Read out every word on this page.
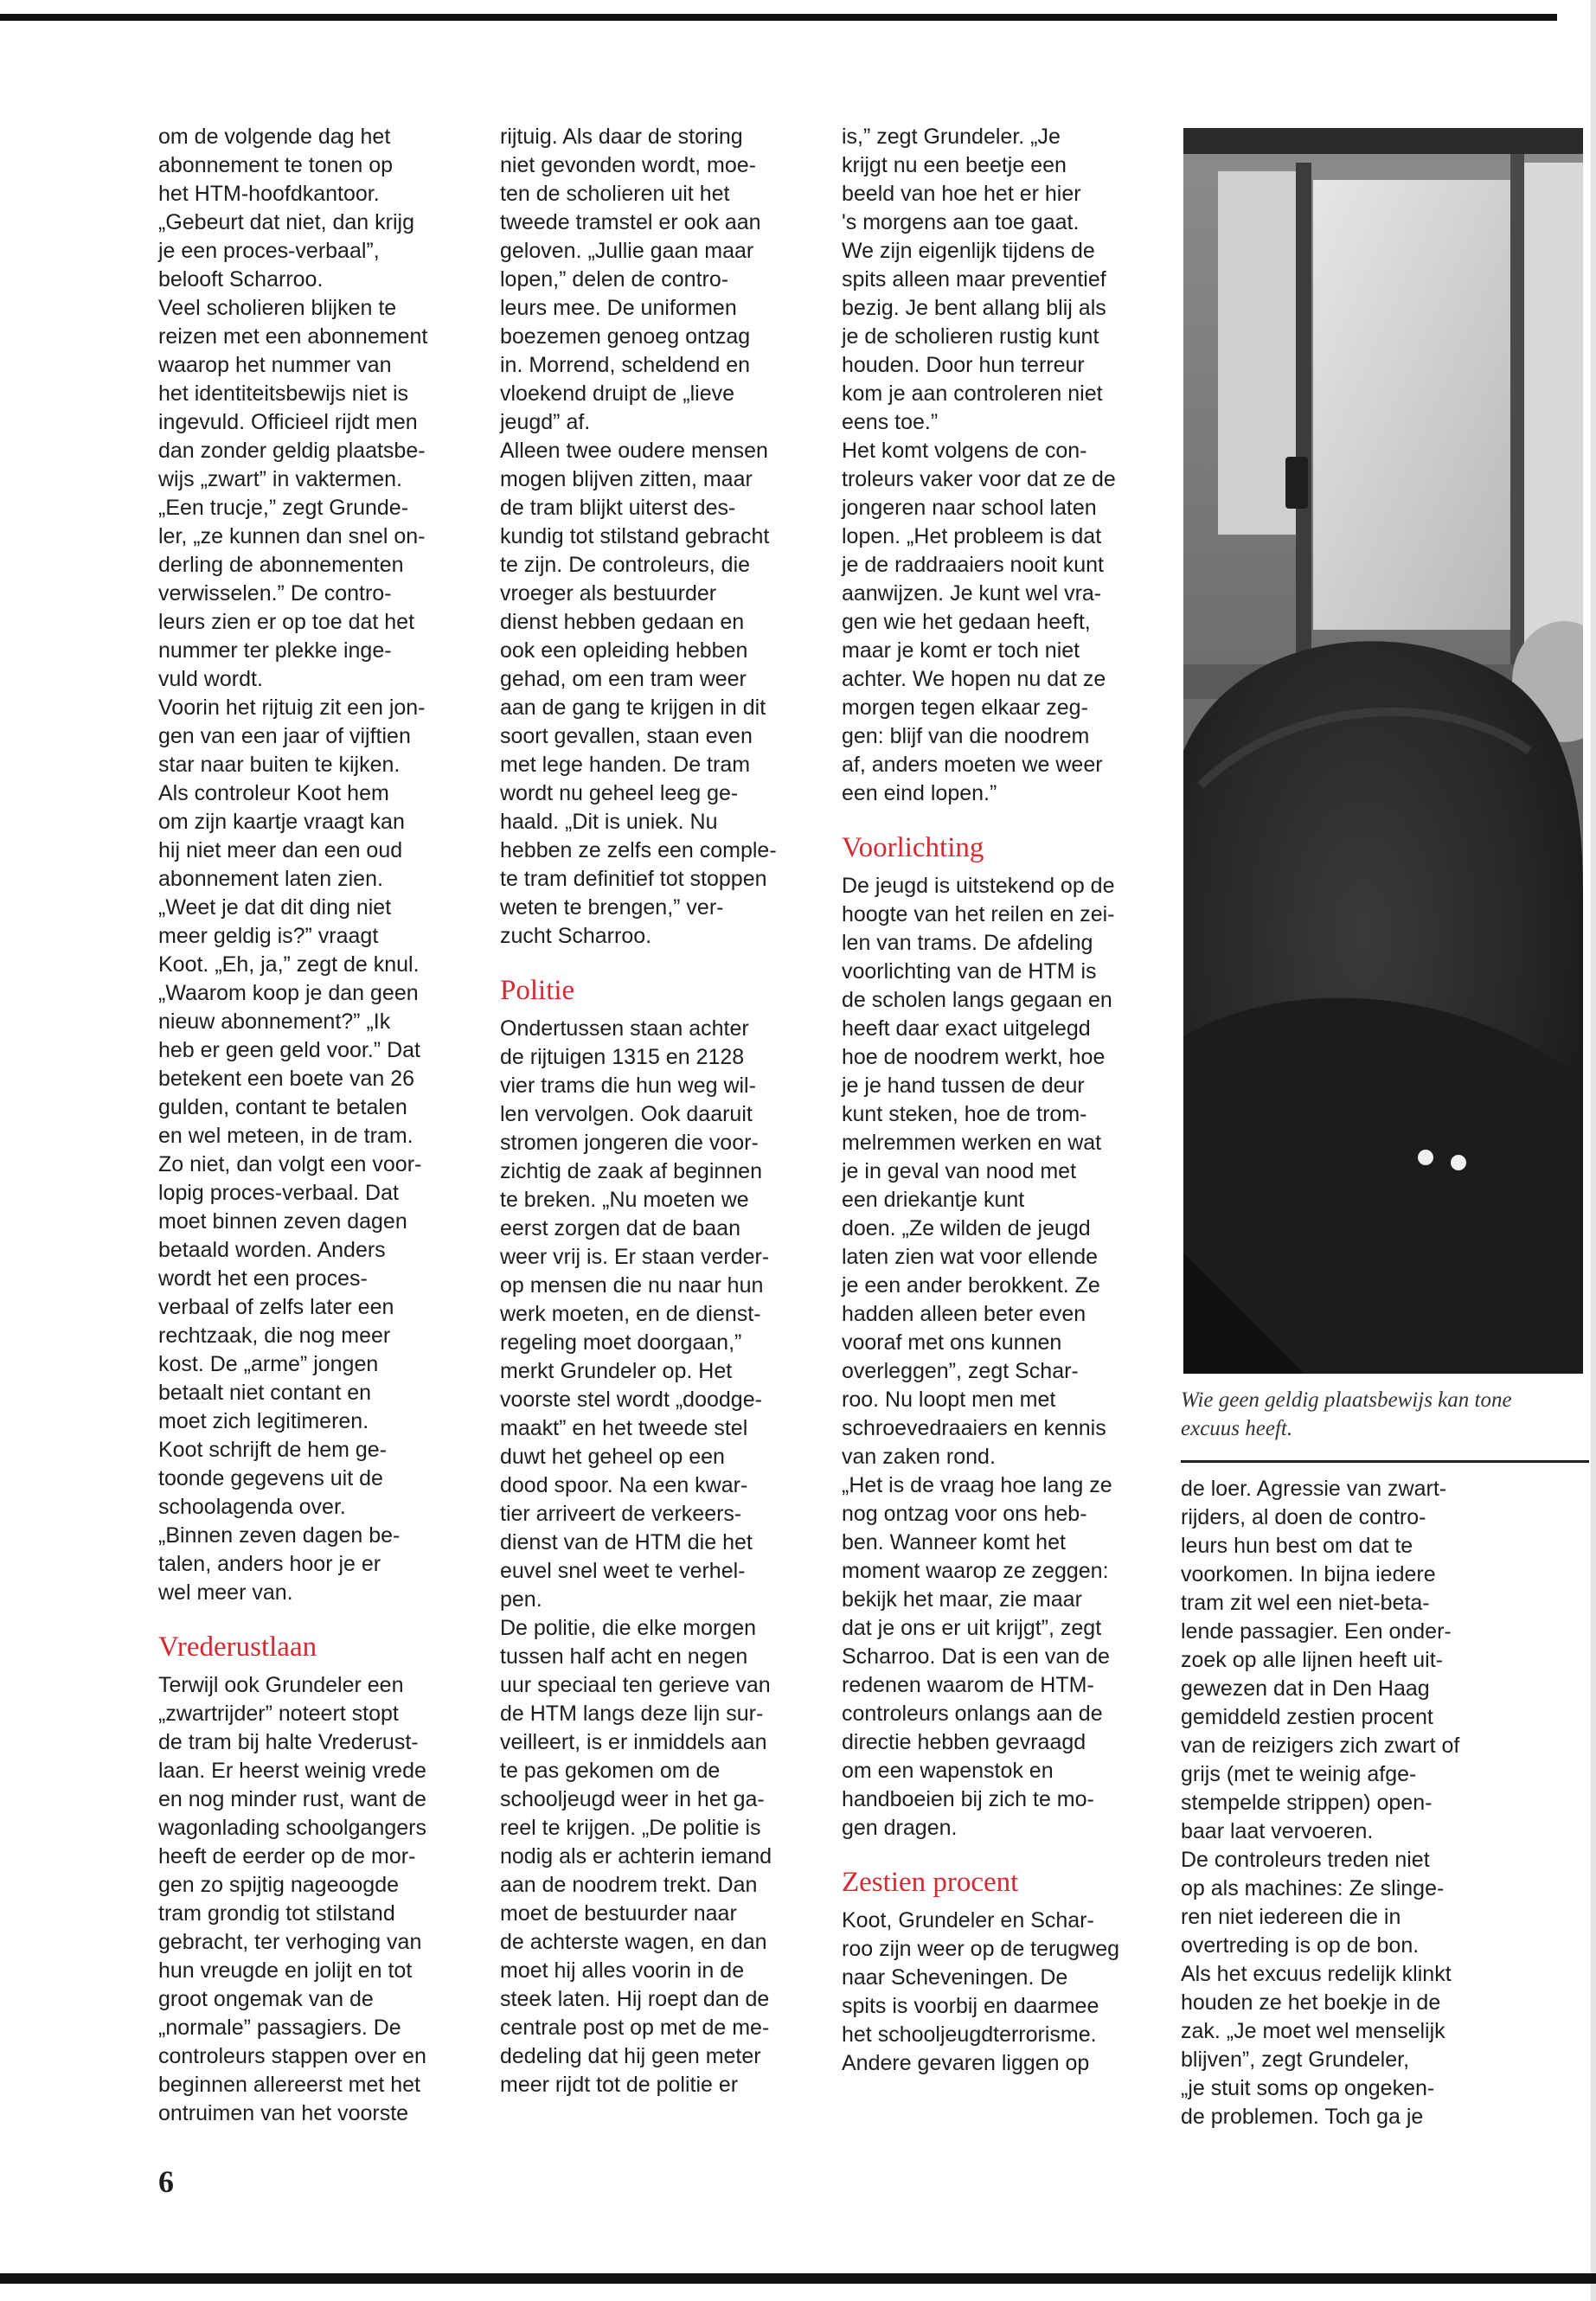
om de volgende dag het
abonnement te tonen op
het HTM-hoofdkantoor.
„Gebeurt dat niet, dan krijg
je een proces-verbaal”,
belooft Scharroo.
Veel scholieren blijken te
reizen met een abonnement
waarop het nummer van
het identiteitsbewijs niet is
ingevuld. Officieel rijdt men
dan zonder geldig plaatsbe-
wijs „zwart” in vaktermen.
„Een trucje,” zegt Grunde-
ler, „ze kunnen dan snel on-
derling de abonnementen
verwisselen.” De contro-
leurs zien er op toe dat het
nummer ter plekke inge-
vuld wordt.
Voorin het rijtuig zit een jon-
gen van een jaar of vijftien
star naar buiten te kijken.
Als controleur Koot hem
om zijn kaartje vraagt kan
hij niet meer dan een oud
abonnement laten zien.
„Weet je dat dit ding niet
meer geldig is?” vraagt
Koot. „Eh, ja,” zegt de knul.
„Waarom koop je dan geen
nieuw abonnement?” „Ik
heb er geen geld voor.” Dat
betekent een boete van 26
gulden, contant te betalen
en wel meteen, in de tram.
Zo niet, dan volgt een voor-
lopig proces-verbaal. Dat
moet binnen zeven dagen
betaald worden. Anders
wordt het een proces-
verbaal of zelfs later een
rechtzaak, die nog meer
kost. De „arme” jongen
betaalt niet contant en
moet zich legitimeren.
Koot schrijft de hem ge-
toonde gegevens uit de
schoolagenda over.
„Binnen zeven dagen be-
talen, anders hoor je er
wel meer van.

Vrederustlaan

Terwijl ook Grundeler een
„zwartrijder” noteert stopt
de tram bij halte Vrederust-
laan. Er heerst weinig vrede
en nog minder rust, want de
wagonlading schoolgangers
heeft de eerder op de mor-
gen zo spijtig nageoogde
tram grondig tot stilstand
gebracht, ter verhoging van
hun vreugde en jolijt en tot
groot ongemak van de
„normale” passagiers. De
controleurs stappen over en
beginnen allereerst met het
ontruimen van het voorste

rijtuig. Als daar de storing
niet gevonden wordt, moe-
ten de scholieren uit het
tweede tramstel er ook aan
geloven. „Jullie gaan maar
lopen,” delen de contro-
leurs mee. De uniformen
boezemen genoeg ontzag
in. Morrend, scheldend en
vloekend druipt de „lieve
jeugd” af.
Alleen twee oudere mensen
mogen blijven zitten, maar
de tram blijkt uiterst des-
kundig tot stilstand gebracht
te zijn. De controleurs, die
vroeger als bestuurder
dienst hebben gedaan en
ook een opleiding hebben
gehad, om een tram weer
aan de gang te krijgen in dit
soort gevallen, staan even
met lege handen. De tram
wordt nu geheel leeg ge-
haald. „Dit is uniek. Nu
hebben ze zelfs een comple-
te tram definitief tot stoppen
weten te brengen,” ver-
zucht Scharroo.

Politie

Ondertussen staan achter
de rijtuigen 1315 en 2128
vier trams die hun weg wil-
len vervolgen. Ook daaruit
stromen jongeren die voor-
zichtig de zaak af beginnen
te breken. „Nu moeten we
eerst zorgen dat de baan
weer vrij is. Er staan verder-
op mensen die nu naar hun
werk moeten, en de dienst-
regeling moet doorgaan,”
merkt Grundeler op. Het
voorste stel wordt „doodge-
maakt” en het tweede stel
duwt het geheel op een
dood spoor. Na een kwar-
tier arriveert de verkeers-
dienst van de HTM die het
euvel snel weet te verhel-
pen.
De politie, die elke morgen
tussen half acht en negen
uur speciaal ten gerieve van
de HTM langs deze lijn sur-
veilleert, is er inmiddels aan
te pas gekomen om de
schooljeugd weer in het ga-
reel te krijgen. „De politie is
nodig als er achterin iemand
aan de noodrem trekt. Dan
moet de bestuurder naar
de achterste wagen, en dan
moet hij alles voorin in de
steek laten. Hij roept dan de
centrale post op met de me-
dedeling dat hij geen meter
meer rijdt tot de politie er

is,” zegt Grundeler. „Je
krijgt nu een beetje een
beeld van hoe het er hier
's morgens aan toe gaat.
We zijn eigenlijk tijdens de
spits alleen maar preventief
bezig. Je bent allang blij als
je de scholieren rustig kunt
houden. Door hun terreur
kom je aan controleren niet
eens toe.”
Het komt volgens de con-
troleurs vaker voor dat ze de
jongeren naar school laten
lopen. „Het probleem is dat
je de raddraaiers nooit kunt
aanwijzen. Je kunt wel vra-
gen wie het gedaan heeft,
maar je komt er toch niet
achter. We hopen nu dat ze
morgen tegen elkaar zeg-
gen: blijf van die noodrem
af, anders moeten we weer
een eind lopen.”

Voorlichting

De jeugd is uitstekend op de
hoogte van het reilen en zei-
len van trams. De afdeling
voorlichting van de HTM is
de scholen langs gegaan en
heeft daar exact uitgelegd
hoe de noodrem werkt, hoe
je je hand tussen de deur
kunt steken, hoe de trom-
melremmen werken en wat
je in geval van nood met
een driekantje kunt
doen. „Ze wilden de jeugd
laten zien wat voor ellende
je een ander berokkent. Ze
hadden alleen beter even
vooraf met ons kunnen
overleggen”, zegt Schar-
roo. Nu loopt men met
schroevedraaiers en kennis
van zaken rond.
„Het is de vraag hoe lang ze
nog ontzag voor ons heb-
ben. Wanneer komt het
moment waarop ze zeggen:
bekijk het maar, zie maar
dat je ons er uit krijgt”, zegt
Scharroo. Dat is een van de
redenen waarom de HTM-
controleurs onlangs aan de
directie hebben gevraagd
om een wapenstok en
handboeien bij zich te mo-
gen dragen.

Zestien procent

Koot, Grundeler en Schar-
roo zijn weer op de terugweg
naar Scheveningen. De
spits is voorbij en daarmee
het schooljeugdterrorisme.
Andere gevaren liggen op

Wie geen geldig plaatsbewijs kan tone
excuus heeft.

de loer. Agressie van zwart-
rijders, al doen de contro-
leurs hun best om dat te
voorkomen. In bijna iedere
tram zit wel een niet-beta-
lende passagier. Een onder-
zoek op alle lijnen heeft uit-
gewezen dat in Den Haag
gemiddeld zestien procent
van de reizigers zich zwart of
grijs (met te weinig afge-
stempelde strippen) open-
baar laat vervoeren.
De controleurs treden niet
op als machines: Ze slinge-
ren niet iedereen die in
overtreding is op de bon.
Als het excuus redelijk klinkt
houden ze het boekje in de
zak. „Je moet wel menselijk
blijven”, zegt Grundeler,
„je stuit soms op ongeken-
de problemen. Toch ga je

6
